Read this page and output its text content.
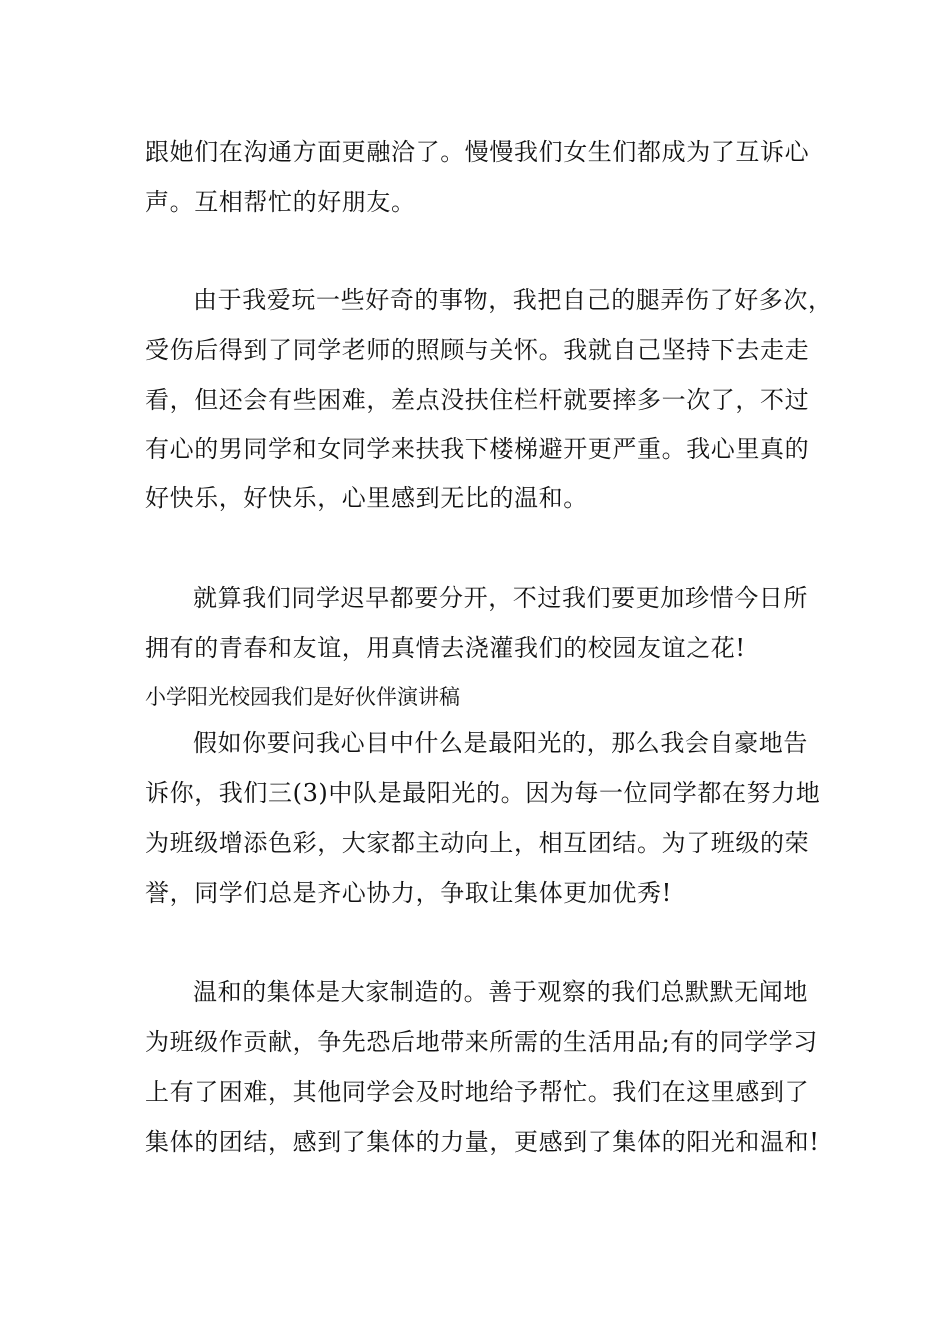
跟她们在沟通方面更融洽了。慢慢我们女生们都成为了互诉心

声。互相帮忙的好朋友。

由于我爱玩一些好奇的事物，我把自己的腿弄伤了好多次，

受伤后得到了同学老师的照顾与关怀。我就自己坚持下去走走

看，但还会有些困难，差点没扶住栏杆就要摔多一次了，不过

有心的男同学和女同学来扶我下楼梯避开更严重。我心里真的

好快乐，好快乐，心里感到无比的温和。

就算我们同学迟早都要分开，不过我们要更加珍惜今日所

拥有的青春和友谊，用真情去浇灌我们的校园友谊之花!

小学阳光校园我们是好伙伴演讲稿

假如你要问我心目中什么是最阳光的，那么我会自豪地告

诉你，我们三(3)中队是最阳光的。因为每一位同学都在努力地

为班级增添色彩，大家都主动向上，相互团结。为了班级的荣

誉，同学们总是齐心协力，争取让集体更加优秀!

温和的集体是大家制造的。善于观察的我们总默默无闻地

为班级作贡献，争先恐后地带来所需的生活用品;有的同学学习

上有了困难，其他同学会及时地给予帮忙。我们在这里感到了

集体的团结，感到了集体的力量，更感到了集体的阳光和温和!
